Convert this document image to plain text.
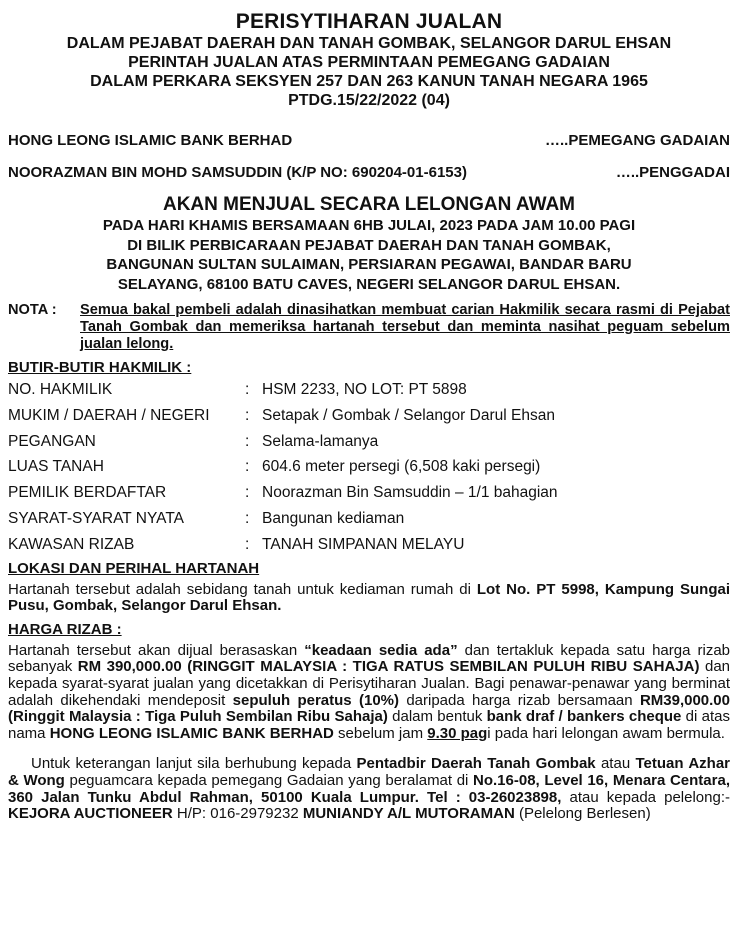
PERISYTIHARAN JUALAN
DALAM PEJABAT DAERAH DAN TANAH GOMBAK, SELANGOR DARUL EHSAN
PERINTAH JUALAN ATAS PERMINTAAN PEMEGANG GADAIAN
DALAM PERKARA SEKSYEN 257 DAN 263 KANUN TANAH NEGARA 1965
PTDG.15/22/2022 (04)
HONG LEONG ISLAMIC BANK BERHAD	…..PEMEGANG GADAIAN
NOORAZMAN BIN MOHD SAMSUDDIN (K/P NO: 690204-01-6153)	…..PENGGADAI
AKAN MENJUAL SECARA LELONGAN AWAM
PADA HARI KHAMIS BERSAMAAN 6HB JULAI, 2023 PADA JAM 10.00 PAGI
DI BILIK PERBICARAAN PEJABAT DAERAH DAN TANAH GOMBAK,
BANGUNAN SULTAN SULAIMAN, PERSIARAN PEGAWAI, BANDAR BARU
SELAYANG, 68100 BATU CAVES, NEGERI SELANGOR DARUL EHSAN.
NOTA :	Semua bakal pembeli adalah dinasihatkan membuat carian Hakmilik secara rasmi di Pejabat Tanah Gombak dan memeriksa hartanah tersebut dan meminta nasihat peguam sebelum jualan lelong.
BUTIR-BUTIR HAKMILIK :
NO. HAKMILIK	: HSM 2233, NO LOT: PT 5898
MUKIM / DAERAH / NEGERI	: Setapak / Gombak / Selangor Darul Ehsan
PEGANGAN	: Selama-lamanya
LUAS TANAH	: 604.6 meter persegi (6,508 kaki persegi)
PEMILIK BERDAFTAR	: Noorazman Bin Samsuddin – 1/1 bahagian
SYARAT-SYARAT NYATA	: Bangunan kediaman
KAWASAN RIZAB	: TANAH SIMPANAN MELAYU
LOKASI DAN PERIHAL HARTANAH
Hartanah tersebut adalah sebidang tanah untuk kediaman rumah di Lot No. PT 5998, Kampung Sungai Pusu, Gombak, Selangor Darul Ehsan.
HARGA RIZAB :
Hartanah tersebut akan dijual berasaskan “keadaan sedia ada” dan tertakluk kepada satu harga rizab sebanyak RM 390,000.00 (RINGGIT MALAYSIA : TIGA RATUS SEMBILAN PULUH RIBU SAHAJA) dan kepada syarat-syarat jualan yang dicetakkan di Perisytiharan Jualan. Bagi penawar-penawar yang berminat adalah dikehendaki mendeposit sepuluh peratus (10%) daripada harga rizab bersamaan RM39,000.00 (Ringgit Malaysia : Tiga Puluh Sembilan Ribu Sahaja) dalam bentuk bank draf / bankers cheque di atas nama HONG LEONG ISLAMIC BANK BERHAD sebelum jam 9.30 pagi pada hari lelongan awam bermula.
Untuk keterangan lanjut sila berhubung kepada Pentadbir Daerah Tanah Gombak atau Tetuan Azhar & Wong peguamcara kepada pemegang Gadaian yang beralamat di No.16-08, Level 16, Menara Centara, 360 Jalan Tunku Abdul Rahman, 50100 Kuala Lumpur. Tel : 03-26023898, atau kepada pelelong:- KEJORA AUCTIONEER H/P: 016-2979232 MUNIANDY A/L MUTORAMAN (Pelelong Berlesen)
